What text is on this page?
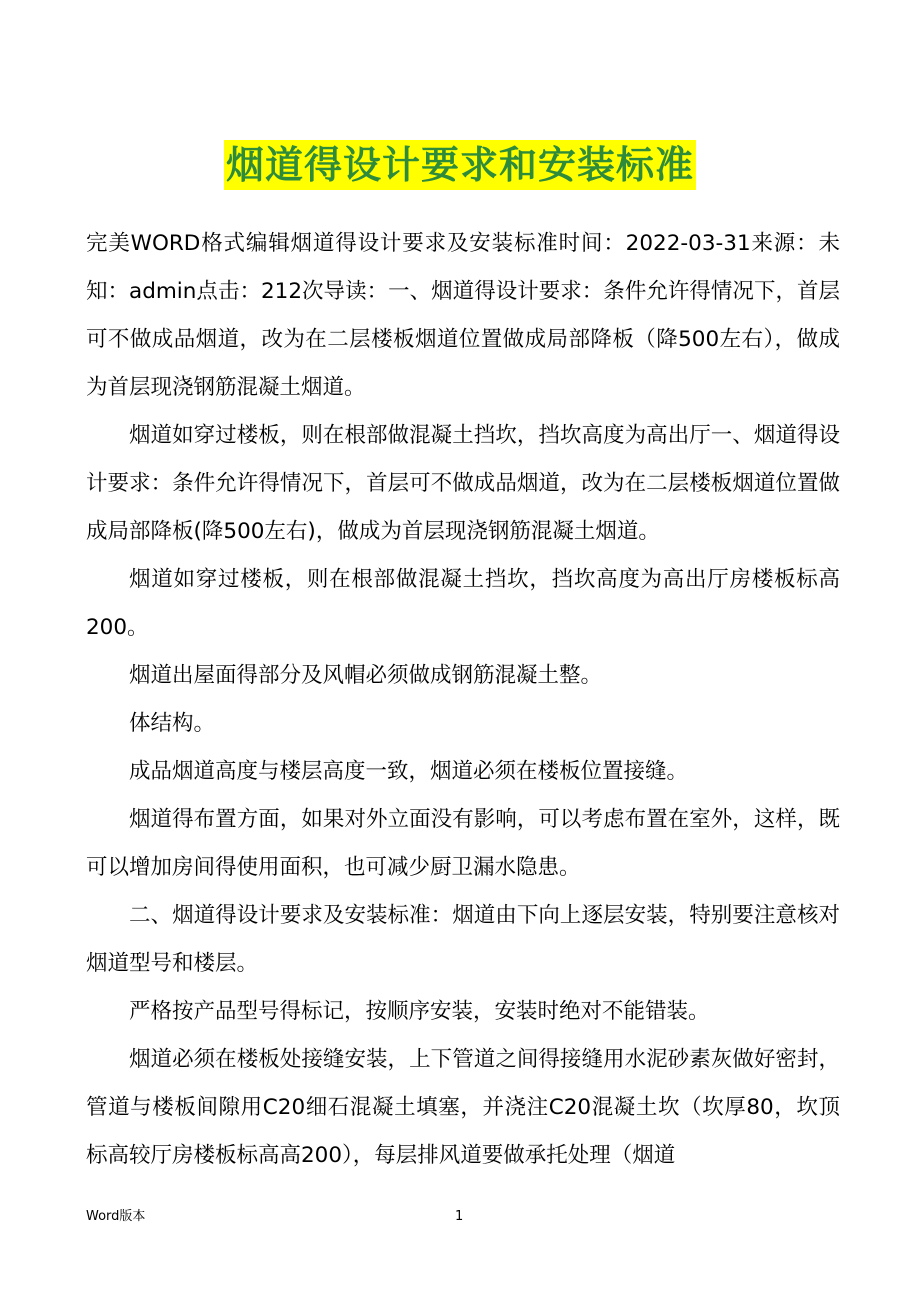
烟道得设计要求和安装标准

完美WORD格式编辑烟道得设计要求及安装标准时间：2022-03-31来源：未知：admin点击：212次导读：一、烟道得设计要求：条件允许得情况下，首层可不做成品烟道，改为在二层楼板烟道位置做成局部降板（降500左右），做成为首层现浇钢筋混凝土烟道。

烟道如穿过楼板，则在根部做混凝土挡坎，挡坎高度为高出厅一、烟道得设计要求：条件允许得情况下，首层可不做成品烟道，改为在二层楼板烟道位置做成局部降板(降500左右)，做成为首层现浇钢筋混凝土烟道。

烟道如穿过楼板，则在根部做混凝土挡坎，挡坎高度为高出厅房楼板标高200。

烟道出屋面得部分及风帽必须做成钢筋混凝土整。

体结构。

成品烟道高度与楼层高度一致，烟道必须在楼板位置接缝。

烟道得布置方面，如果对外立面没有影响，可以考虑布置在室外，这样，既可以增加房间得使用面积，也可减少厨卫漏水隐患。

二、烟道得设计要求及安装标准：烟道由下向上逐层安装，特别要注意核对烟道型号和楼层。

严格按产品型号得标记，按顺序安装，安装时绝对不能错装。

烟道必须在楼板处接缝安装，上下管道之间得接缝用水泥砂素灰做好密封，管道与楼板间隙用C20细石混凝土填塞，并浇注C20混凝土坎（坎厚80，坎顶标高较厅房楼板标高高200），每层排风道要做承托处理（烟道

Word版本	1
